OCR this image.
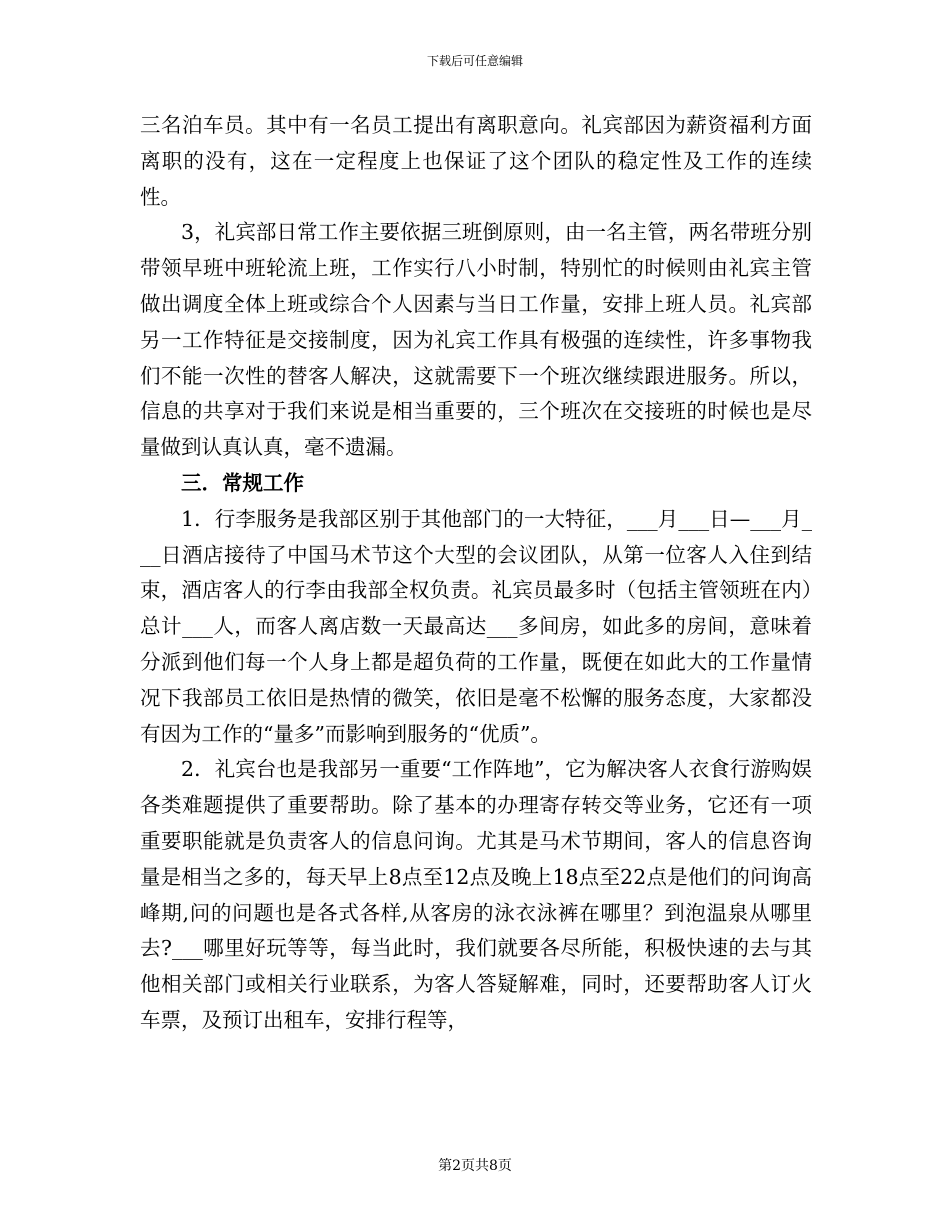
下载后可任意编辑

三名泊车员。其中有一名员工提出有离职意向。礼宾部因为薪资福利方面离职的没有，这在一定程度上也保证了这个团队的稳定性及工作的连续性。

3，礼宾部日常工作主要依据三班倒原则，由一名主管，两名带班分别带领早班中班轮流上班，工作实行八小时制，特别忙的时候则由礼宾主管做出调度全体上班或综合个人因素与当日工作量，安排上班人员。礼宾部另一工作特征是交接制度，因为礼宾工作具有极强的连续性，许多事物我们不能一次性的替客人解决，这就需要下一个班次继续跟进服务。所以，信息的共享对于我们来说是相当重要的，三个班次在交接班的时候也是尽量做到认真认真，毫不遗漏。

三．常规工作

1．行李服务是我部区别于其他部门的一大特征，___月___日—___月___日酒店接待了中国马术节这个大型的会议团队，从第一位客人入住到结束，酒店客人的行李由我部全权负责。礼宾员最多时（包括主管领班在内）总计___人，而客人离店数一天最高达___多间房，如此多的房间，意味着分派到他们每一个人身上都是超负荷的工作量，既便在如此大的工作量情况下我部员工依旧是热情的微笑，依旧是毫不松懈的服务态度，大家都没有因为工作的“量多”而影响到服务的“优质”。

2．礼宾台也是我部另一重要“工作阵地”，它为解决客人衣食行游购娱各类难题提供了重要帮助。除了基本的办理寄存转交等业务，它还有一项重要职能就是负责客人的信息问询。尤其是马术节期间，客人的信息咨询量是相当之多的，每天早上8点至12点及晚上18点至22点是他们的问询高峰期,问的问题也是各式各样,从客房的泳衣泳裤在哪里？到泡温泉从哪里去?___哪里好玩等等，每当此时，我们就要各尽所能，积极快速的去与其他相关部门或相关行业联系，为客人答疑解难，同时，还要帮助客人订火车票，及预订出租车，安排行程等，

第2页共8页
